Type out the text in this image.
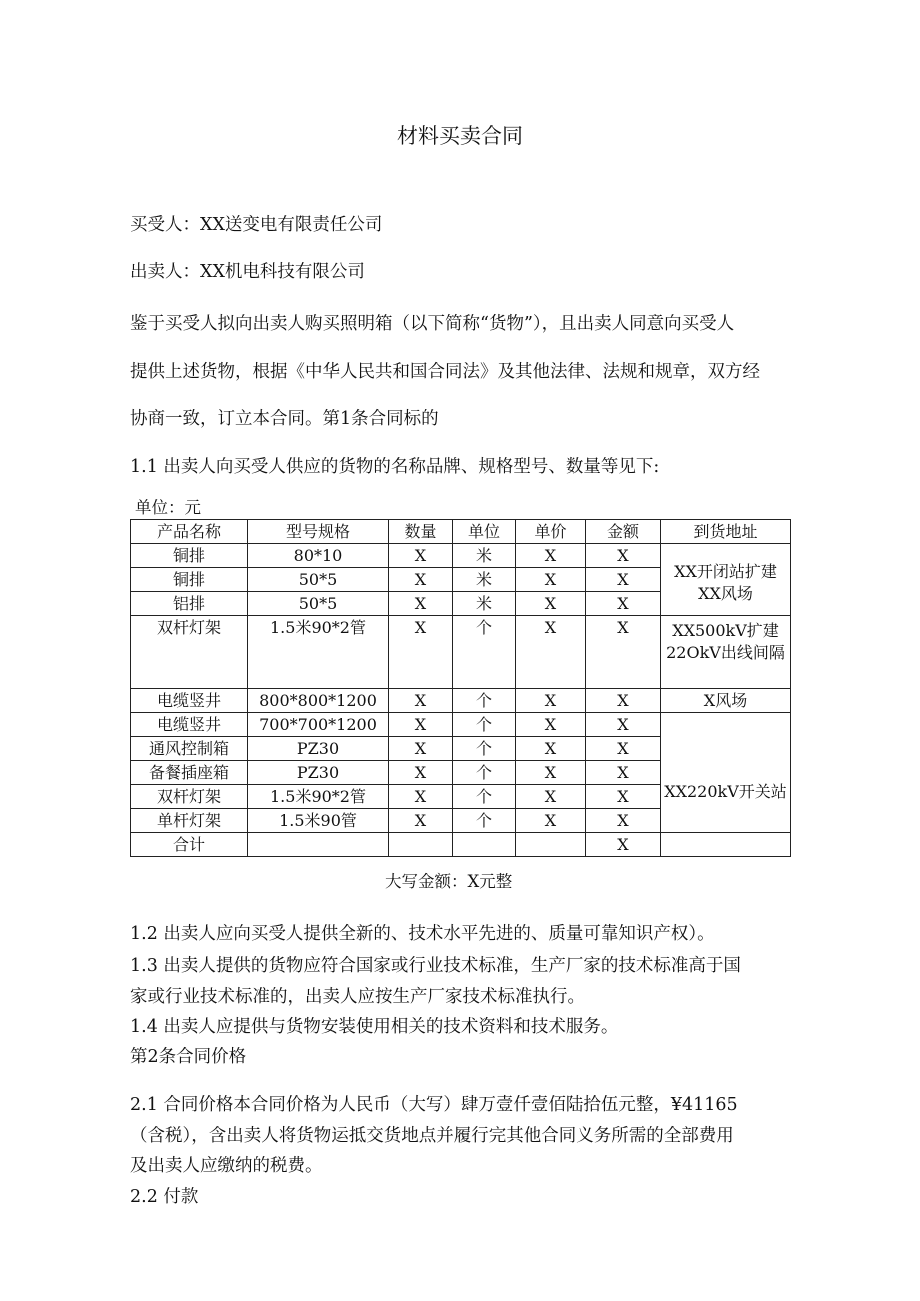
材料买卖合同
买受人：XX送变电有限责任公司
出卖人：XX机电科技有限公司
鉴于买受人拟向出卖人购买照明箱（以下简称“货物”），且出卖人同意向买受人
提供上述货物，根据《中华人民共和国合同法》及其他法律、法规和规章，双方经
协商一致，订立本合同。第1条合同标的
1.1 出卖人向买受人供应的货物的名称品牌、规格型号、数量等见下:
单位：元
产品名称	型号规格	数量	单位	单价	金额	到货地址
铜排	80*10	X	米	X	X	XX开闭站扩建XX风场
铜排	50*5	X	米	X	X	
铝排	50*5	X	米	X	X	
双杆灯架	1.5米90*2管	X	个	X	X	XX500kV扩建22OkV出线间隔
电缆竖井	800*800*1200	X	个	X	X	X风场
电缆竖井	700*700*1200	X	个	X	X	XX220kV开关站
通风控制箱	PZ30	X	个	X	X	
备餐插座箱	PZ30	X	个	X	X	
双杆灯架	1.5米90*2管	X	个	X	X	
单杆灯架	1.5米90管	X	个	X	X	
合计					X	
大写金额：X元整
1.2 出卖人应向买受人提供全新的、技术水平先进的、质量可靠知识产权）。
1.3 出卖人提供的货物应符合国家或行业技术标准，生产厂家的技术标准高于国
家或行业技术标准的，出卖人应按生产厂家技术标准执行。
1.4 出卖人应提供与货物安装使用相关的技术资料和技术服务。
第2条合同价格
2.1 合同价格本合同价格为人民币（大写）肆万壹仟壹佰陆拾伍元整，¥41165
（含税），含出卖人将货物运抵交货地点并履行完其他合同义务所需的全部费用
及出卖人应缴纳的税费。
2.2 付款
